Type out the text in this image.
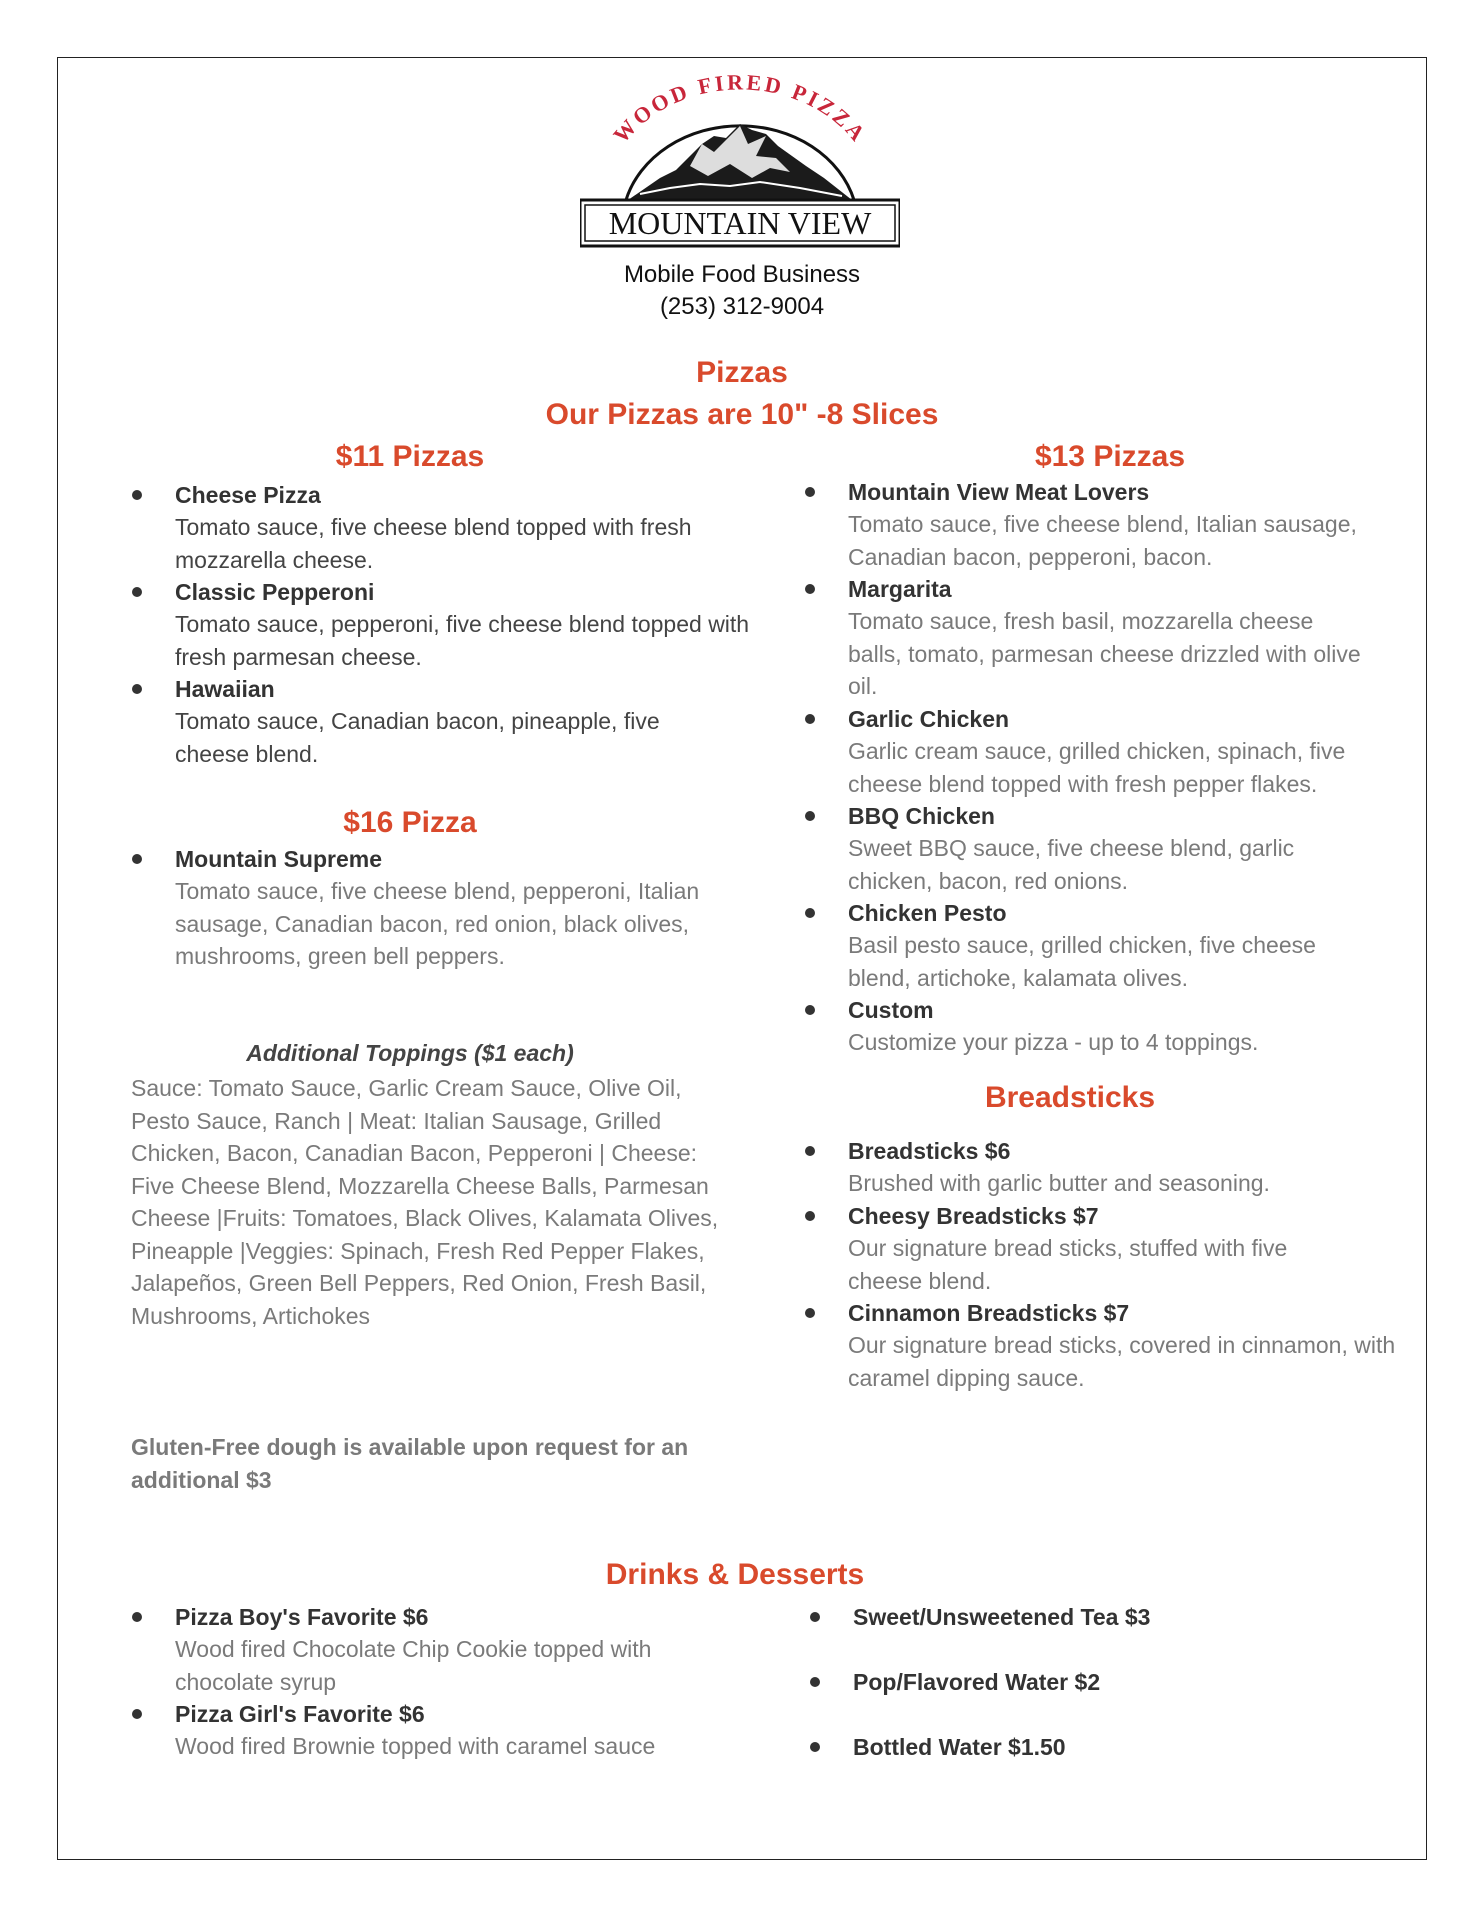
WOOD FIRED PIZZA
MOUNTAIN VIEW
Mobile Food Business
(253) 312-9004
Pizzas
Our Pizzas are 10" -8 Slices
$11 Pizzas	$13 Pizzas
$16 Pizza
Breadsticks
Drinks & Desserts
Cheese Pizza
Tomato sauce, five cheese blend topped with fresh mozzarella cheese.
Classic Pepperoni
Tomato sauce, pepperoni, five cheese blend topped with fresh parmesan cheese.
Hawaiian
Tomato sauce, Canadian bacon, pineapple, five cheese blend.
Mountain Supreme
Tomato sauce, five cheese blend, pepperoni, Italian sausage, Canadian bacon, red onion, black olives, mushrooms, green bell peppers.
Additional Toppings ($1 each)
Sauce: Tomato Sauce, Garlic Cream Sauce, Olive Oil, Pesto Sauce, Ranch | Meat: Italian Sausage, Grilled Chicken, Bacon, Canadian Bacon, Pepperoni | Cheese: Five Cheese Blend, Mozzarella Cheese Balls, Parmesan Cheese |Fruits: Tomatoes, Black Olives, Kalamata Olives, Pineapple |Veggies: Spinach, Fresh Red Pepper Flakes, Jalapeños, Green Bell Peppers, Red Onion, Fresh Basil, Mushrooms, Artichokes
Gluten-Free dough is available upon request for an additional $3
Mountain View Meat Lovers
Tomato sauce, five cheese blend, Italian sausage, Canadian bacon, pepperoni, bacon.
Margarita
Tomato sauce, fresh basil, mozzarella cheese balls, tomato, parmesan cheese drizzled with olive oil.
Garlic Chicken
Garlic cream sauce, grilled chicken, spinach, five cheese blend topped with fresh pepper flakes.
BBQ Chicken
Sweet BBQ sauce, five cheese blend, garlic chicken, bacon, red onions.
Chicken Pesto
Basil pesto sauce, grilled chicken, five cheese blend, artichoke, kalamata olives.
Custom
Customize your pizza - up to 4 toppings.
Breadsticks $6
Brushed with garlic butter and seasoning.
Cheesy Breadsticks $7
Our signature bread sticks, stuffed with five cheese blend.
Cinnamon Breadsticks $7
Our signature bread sticks, covered in cinnamon, with caramel dipping sauce.
Pizza Boy's Favorite $6
Wood fired Chocolate Chip Cookie topped with chocolate syrup
Pizza Girl's Favorite $6
Wood fired Brownie topped with caramel sauce
Sweet/Unsweetened Tea $3
Pop/Flavored Water $2
Bottled Water $1.50
